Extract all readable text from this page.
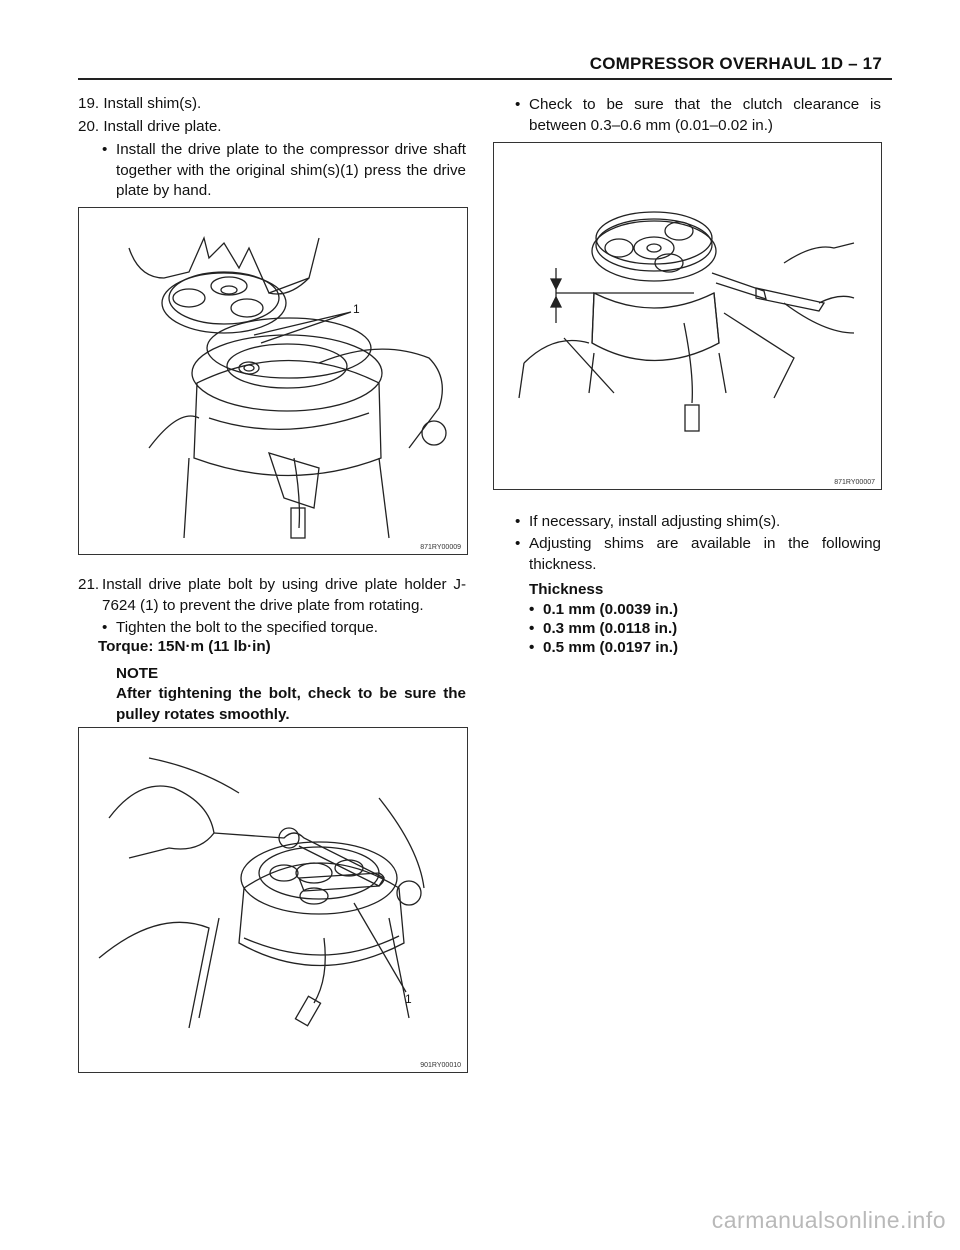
COMPRESSOR OVERHAUL 1D – 17

19. Install shim(s).

20. Install drive plate.

• Install the drive plate to the compressor drive shaft together with the original shim(s)(1) press the drive plate by hand.
1
871RY00009
21. Install drive plate bolt by using drive plate holder J-7624 (1) to prevent the drive plate from rotating.
• Tighten the bolt to the specified torque.

Torque: 15N·m (11 lb·in)

NOTE

After tightening the bolt, check to be sure the pulley rotates smoothly.

1
901RY00010
• Check to be sure that the clutch clearance is between 0.3–0.6 mm (0.01–0.02 in.)
871RY00007
• If necessary, install adjusting shim(s).
• Adjusting shims are available in the following thickness.

Thickness

• 0.1 mm (0.0039 in.)
• 0.3 mm (0.0118 in.)
• 0.5 mm (0.0197 in.)
carmanualsonline.info
